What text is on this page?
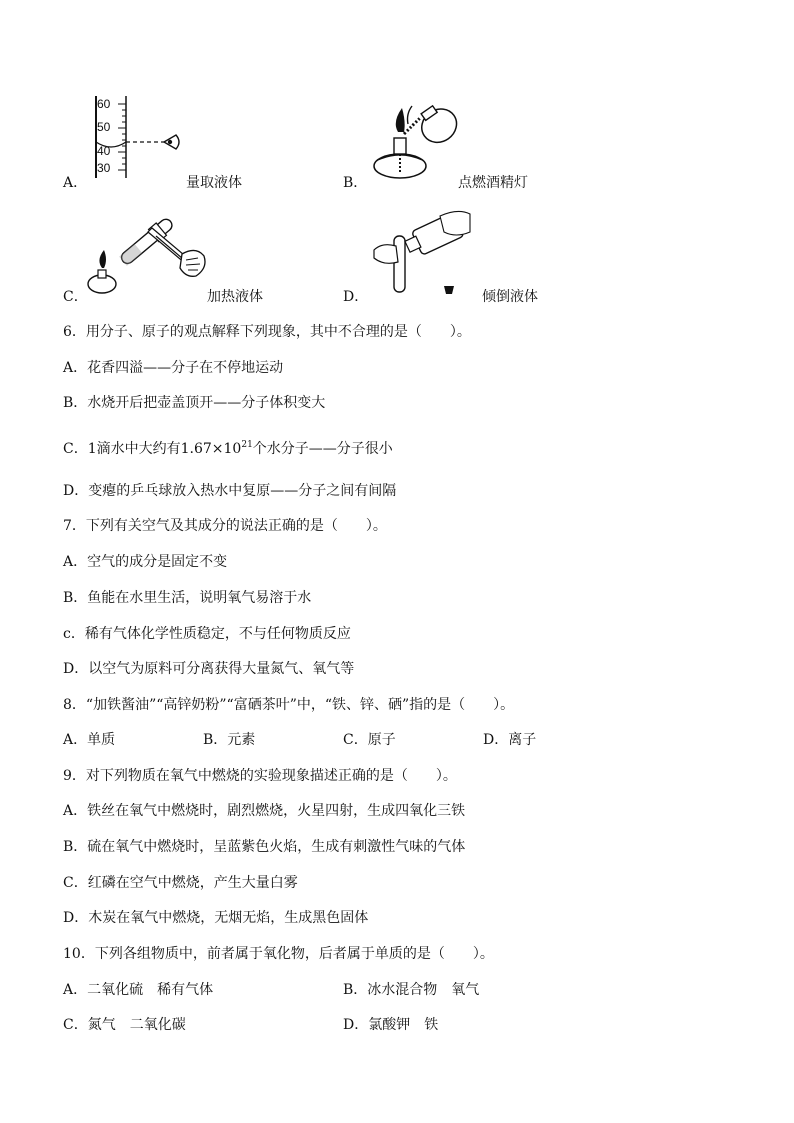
60
50
40
30
A．	量取液体	B．	点燃酒精灯
C．	加热液体	D．	倾倒液体
6．用分子、原子的观点解释下列现象，其中不合理的是（　　）。
A．花香四溢——分子在不停地运动
B．水烧开后把壶盖顶开——分子体积变大
C．1滴水中大约有$1.67\times 10^{21}$个水分子——分子很小
D．变瘪的乒乓球放入热水中复原——分子之间有间隔
7．下列有关空气及其成分的说法正确的是（　　）。
A．空气的成分是固定不变
B．鱼能在水里生活，说明氧气易溶于水
c．稀有气体化学性质稳定，不与任何物质反应
D．以空气为原料可分离获得大量氮气、氧气等
8．“加铁酱油”“高锌奶粉”“富硒茶叶”中，“铁、锌、硒”指的是（　　）。
A．单质	B．元素	C．原子	D．离子
9．对下列物质在氧气中燃烧的实验现象描述正确的是（　　）。
A．铁丝在氧气中燃烧时，剧烈燃烧，火星四射，生成四氧化三铁
B．硫在氧气中燃烧时，呈蓝紫色火焰，生成有刺激性气味的气体
C．红磷在空气中燃烧，产生大量白雾
D．木炭在氧气中燃烧，无烟无焰，生成黑色固体
10．下列各组物质中，前者属于氧化物，后者属于单质的是（　　）。
A．二氧化硫　稀有气体	B．冰水混合物　氧气
C．氮气　二氧化碳	D．氯酸钾　铁
